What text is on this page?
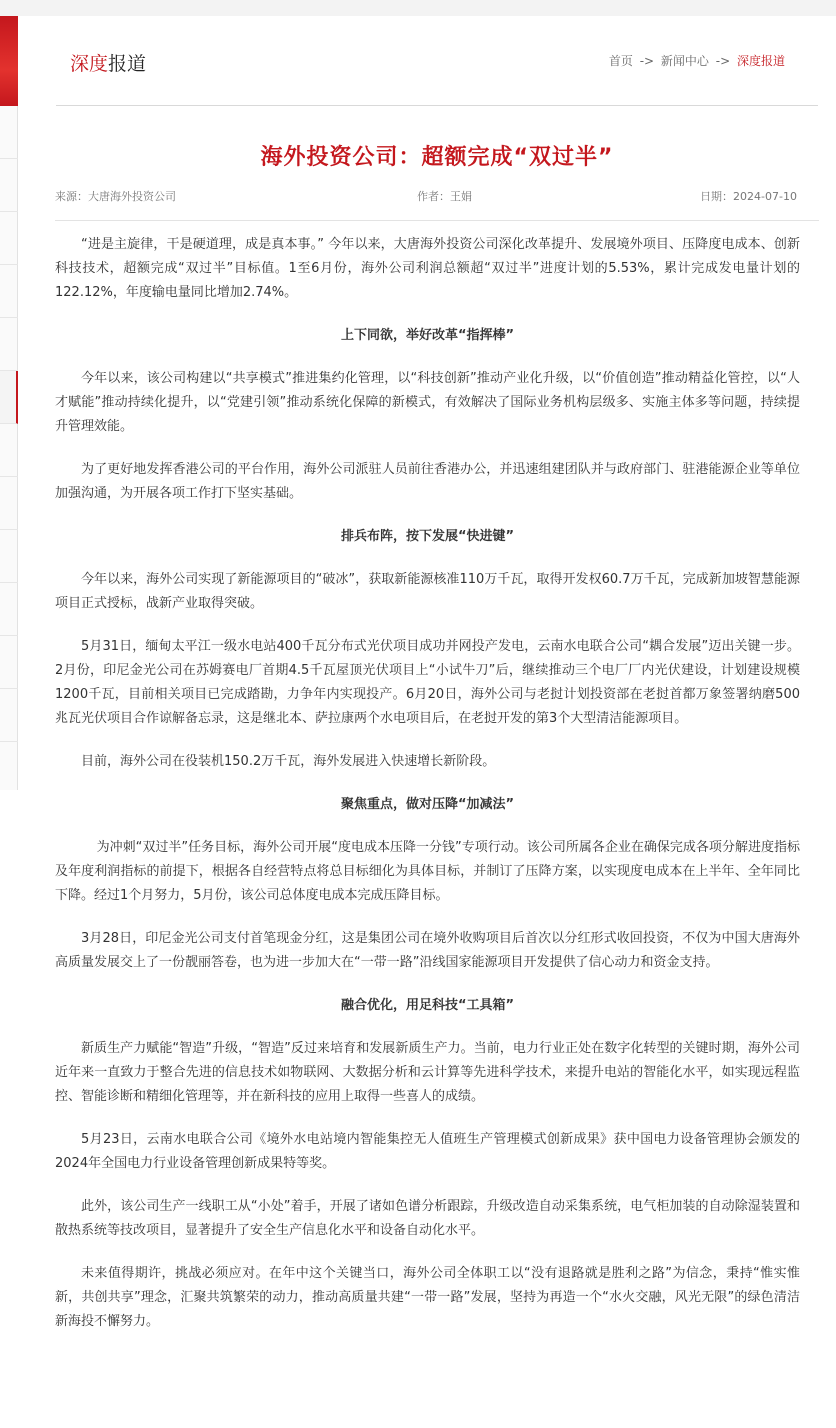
深度报道	首页 -> 新闻中心 -> 深度报道
海外投资公司：超额完成“双过半”
来源：大唐海外投资公司	作者：王娟	日期：2024-07-10

“进是主旋律，干是硬道理，成是真本事。” 今年以来，大唐海外投资公司深化改革提升、发展境外项目、压降度电成本、创新科技技术，超额完成“双过半”目标值。1至6月份，海外公司利润总额超“双过半”进度计划的5.53%，累计完成发电量计划的122.12%，年度输电量同比增加2.74%。

上下同欲，举好改革“指挥棒”

今年以来，该公司构建以“共享模式”推进集约化管理，以“科技创新”推动产业化升级，以“价值创造”推动精益化管控，以“人才赋能”推动持续化提升，以“党建引领”推动系统化保障的新模式，有效解决了国际业务机构层级多、实施主体多等问题，持续提升管理效能。

为了更好地发挥香港公司的平台作用，海外公司派驻人员前往香港办公，并迅速组建团队并与政府部门、驻港能源企业等单位加强沟通，为开展各项工作打下坚实基础。

排兵布阵，按下发展“快进键”

今年以来，海外公司实现了新能源项目的“破冰”，获取新能源核准110万千瓦，取得开发权60.7万千瓦，完成新加坡智慧能源项目正式授标，战新产业取得突破。

5月31日，缅甸太平江一级水电站400千瓦分布式光伏项目成功并网投产发电，云南水电联合公司“耦合发展”迈出关键一步。2月份，印尼金光公司在苏姆赛电厂首期4.5千瓦屋顶光伏项目上“小试牛刀”后，继续推动三个电厂厂内光伏建设，计划建设规模1200千瓦，目前相关项目已完成踏勘，力争年内实现投产。6月20日，海外公司与老挝计划投资部在老挝首都万象签署纳磨500兆瓦光伏项目合作谅解备忘录，这是继北本、萨拉康两个水电项目后，在老挝开发的第3个大型清洁能源项目。

目前，海外公司在役装机150.2万千瓦，海外发展进入快速增长新阶段。

聚焦重点，做对压降“加减法”

为冲刺“双过半”任务目标，海外公司开展“度电成本压降一分钱”专项行动。该公司所属各企业在确保完成各项分解进度指标及年度利润指标的前提下，根据各自经营特点将总目标细化为具体目标，并制订了压降方案，以实现度电成本在上半年、全年同比下降。经过1个月努力，5月份，该公司总体度电成本完成压降目标。

3月28日，印尼金光公司支付首笔现金分红，这是集团公司在境外收购项目后首次以分红形式收回投资，不仅为中国大唐海外高质量发展交上了一份靓丽答卷，也为进一步加大在“一带一路”沿线国家能源项目开发提供了信心动力和资金支持。

融合优化，用足科技“工具箱”

新质生产力赋能“智造”升级，“智造”反过来培育和发展新质生产力。当前，电力行业正处在数字化转型的关键时期，海外公司近年来一直致力于整合先进的信息技术如物联网、大数据分析和云计算等先进科学技术，来提升电站的智能化水平，如实现远程监控、智能诊断和精细化管理等，并在新科技的应用上取得一些喜人的成绩。

5月23日，云南水电联合公司《境外水电站境内智能集控无人值班生产管理模式创新成果》获中国电力设备管理协会颁发的2024年全国电力行业设备管理创新成果特等奖。

此外，该公司生产一线职工从“小处”着手，开展了诸如色谱分析跟踪，升级改造自动采集系统，电气柜加装的自动除湿装置和散热系统等技改项目，显著提升了安全生产信息化水平和设备自动化水平。

未来值得期许，挑战必须应对。在年中这个关键当口，海外公司全体职工以“没有退路就是胜利之路”为信念，秉持“惟实惟新，共创共享”理念，汇聚共筑繁荣的动力，推动高质量共建“一带一路”发展，坚持为再造一个“水火交融，风光无限”的绿色清洁新海投不懈努力。
